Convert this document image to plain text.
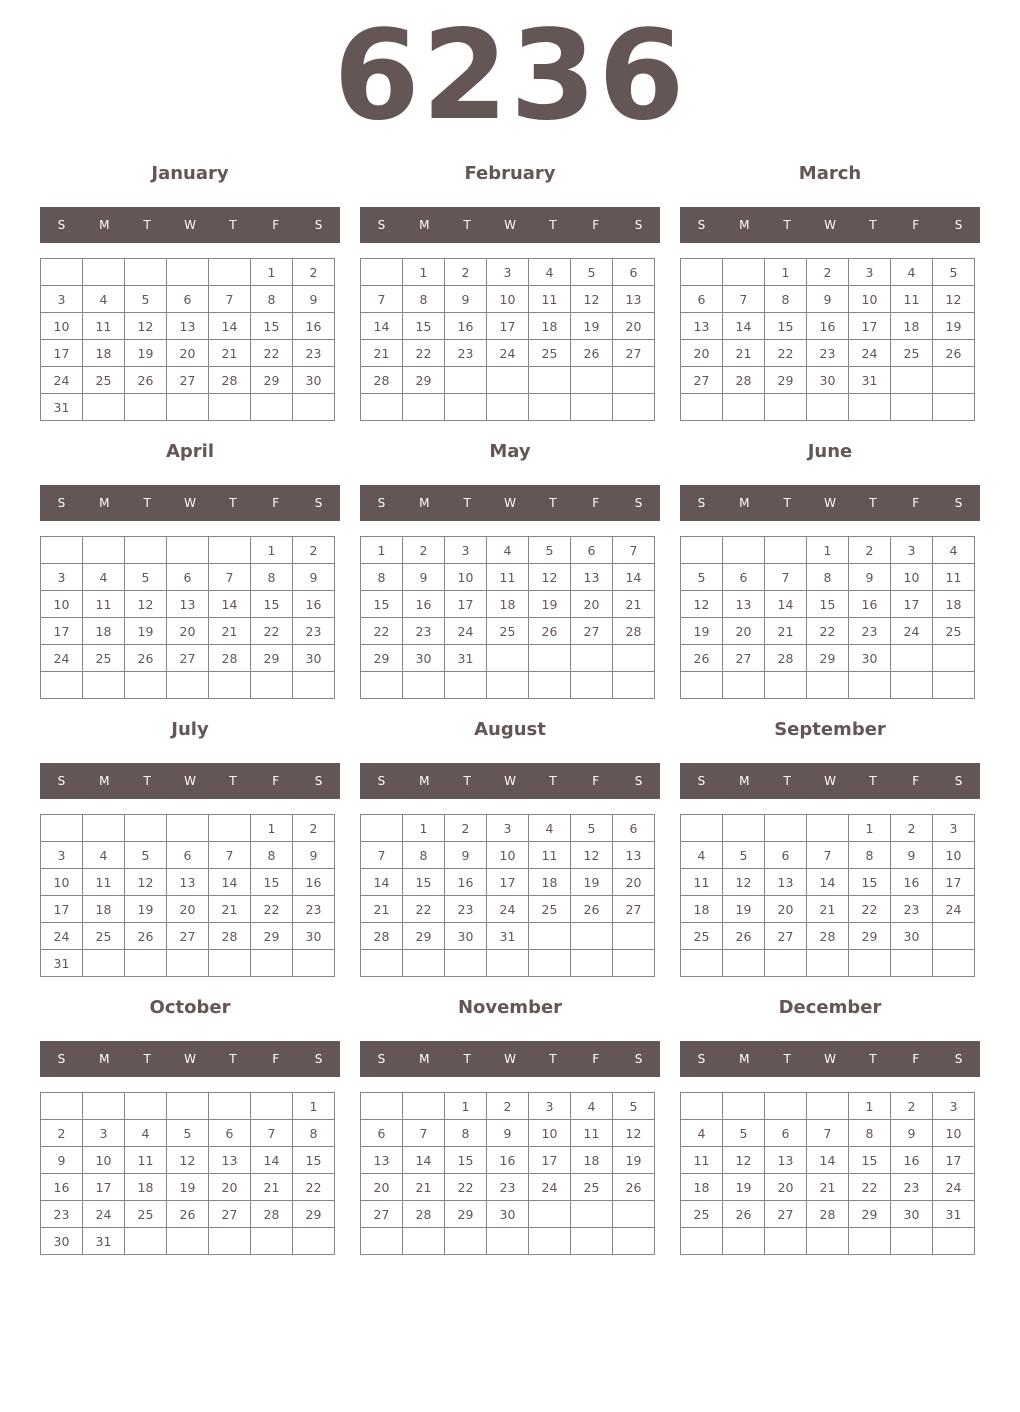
6236
January
S	M	T	W	T	F	S
					1	2
3	4	5	6	7	8	9
10	11	12	13	14	15	16
17	18	19	20	21	22	23
24	25	26	27	28	29	30
31						
February
S	M	T	W	T	F	S
	1	2	3	4	5	6
7	8	9	10	11	12	13
14	15	16	17	18	19	20
21	22	23	24	25	26	27
28	29					

March
S	M	T	W	T	F	S
		1	2	3	4	5
6	7	8	9	10	11	12
13	14	15	16	17	18	19
20	21	22	23	24	25	26
27	28	29	30	31		

April
S	M	T	W	T	F	S
					1	2
3	4	5	6	7	8	9
10	11	12	13	14	15	16
17	18	19	20	21	22	23
24	25	26	27	28	29	30

May
S	M	T	W	T	F	S
1	2	3	4	5	6	7
8	9	10	11	12	13	14
15	16	17	18	19	20	21
22	23	24	25	26	27	28
29	30	31				

June
S	M	T	W	T	F	S
			1	2	3	4
5	6	7	8	9	10	11
12	13	14	15	16	17	18
19	20	21	22	23	24	25
26	27	28	29	30		

July
S	M	T	W	T	F	S
					1	2
3	4	5	6	7	8	9
10	11	12	13	14	15	16
17	18	19	20	21	22	23
24	25	26	27	28	29	30
31						
August
S	M	T	W	T	F	S
	1	2	3	4	5	6
7	8	9	10	11	12	13
14	15	16	17	18	19	20
21	22	23	24	25	26	27
28	29	30	31			

September
S	M	T	W	T	F	S
				1	2	3
4	5	6	7	8	9	10
11	12	13	14	15	16	17
18	19	20	21	22	23	24
25	26	27	28	29	30	

October
S	M	T	W	T	F	S
						1
2	3	4	5	6	7	8
9	10	11	12	13	14	15
16	17	18	19	20	21	22
23	24	25	26	27	28	29
30	31					
November
S	M	T	W	T	F	S
		1	2	3	4	5
6	7	8	9	10	11	12
13	14	15	16	17	18	19
20	21	22	23	24	25	26
27	28	29	30			

December
S	M	T	W	T	F	S
				1	2	3
4	5	6	7	8	9	10
11	12	13	14	15	16	17
18	19	20	21	22	23	24
25	26	27	28	29	30	31
